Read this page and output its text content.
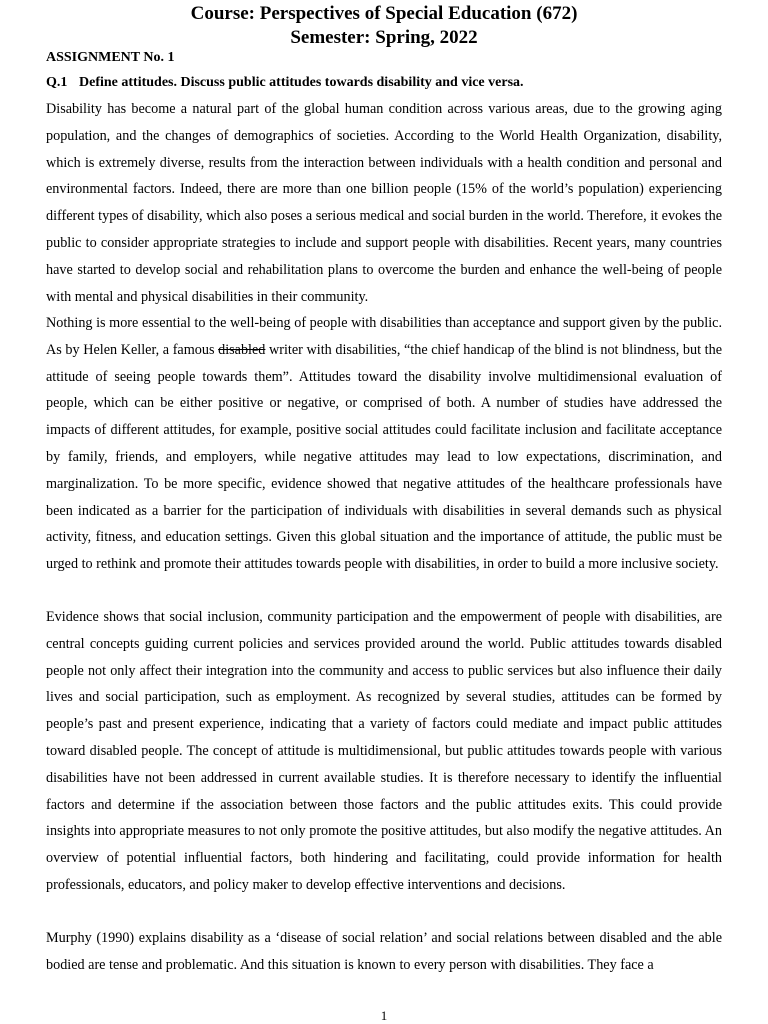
Course: Perspectives of Special Education (672)

Semester: Spring, 2022

ASSIGNMENT No. 1

Q.1 Define attitudes. Discuss public attitudes towards disability and vice versa.

Disability has become a natural part of the global human condition across various areas, due to the growing aging population, and the changes of demographics of societies. According to the World Health Organization, disability, which is extremely diverse, results from the interaction between individuals with a health condition and personal and environmental factors. Indeed, there are more than one billion people (15% of the world’s population) experiencing different types of disability, which also poses a serious medical and social burden in the world. Therefore, it evokes the public to consider appropriate strategies to include and support people with disabilities. Recent years, many countries have started to develop social and rehabilitation plans to overcome the burden and enhance the well-being of people with mental and physical disabilities in their community.

Nothing is more essential to the well-being of people with disabilities than acceptance and support given by the public. As by Helen Keller, a famous disabled writer with disabilities, “the chief handicap of the blind is not blindness, but the attitude of seeing people towards them”. Attitudes toward the disability involve multidimensional evaluation of people, which can be either positive or negative, or comprised of both. A number of studies have addressed the impacts of different attitudes, for example, positive social attitudes could facilitate inclusion and facilitate acceptance by family, friends, and employers, while negative attitudes may lead to low expectations, discrimination, and marginalization. To be more specific, evidence showed that negative attitudes of the healthcare professionals have been indicated as a barrier for the participation of individuals with disabilities in several demands such as physical activity, fitness, and education settings. Given this global situation and the importance of attitude, the public must be urged to rethink and promote their attitudes towards people with disabilities, in order to build a more inclusive society.

Evidence shows that social inclusion, community participation and the empowerment of people with disabilities, are central concepts guiding current policies and services provided around the world. Public attitudes towards disabled people not only affect their integration into the community and access to public services but also influence their daily lives and social participation, such as employment. As recognized by several studies, attitudes can be formed by people’s past and present experience, indicating that a variety of factors could mediate and impact public attitudes toward disabled people. The concept of attitude is multidimensional, but public attitudes towards people with various disabilities have not been addressed in current available studies. It is therefore necessary to identify the influential factors and determine if the association between those factors and the public attitudes exits. This could provide insights into appropriate measures to not only promote the positive attitudes, but also modify the negative attitudes. An overview of potential influential factors, both hindering and facilitating, could provide information for health professionals, educators, and policy maker to develop effective interventions and decisions.

Murphy (1990) explains disability as a ‘disease of social relation’ and social relations between disabled and the able bodied are tense and problematic. And this situation is known to every person with disabilities. They face a

1
